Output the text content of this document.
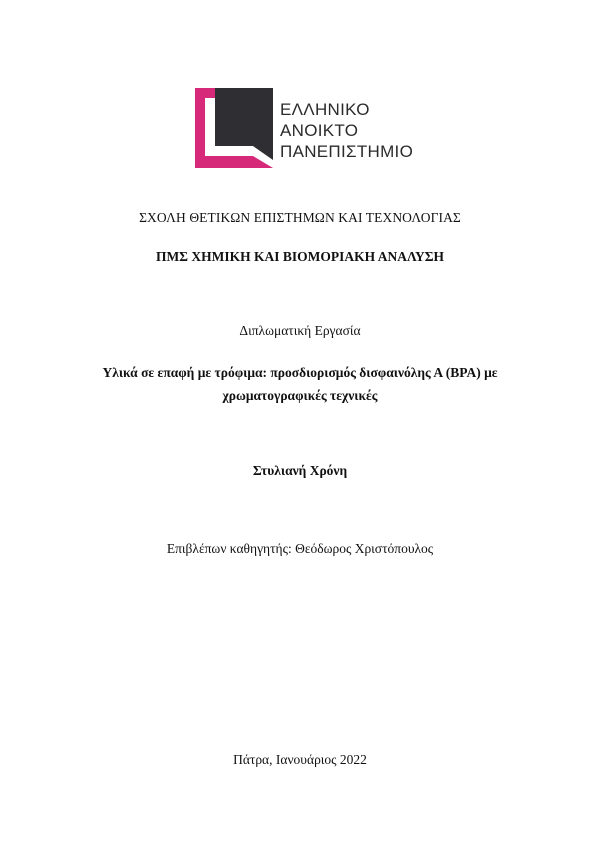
ΕΛΛΗΝΙΚΟ
ΑΝΟΙΚΤΟ
ΠΑΝΕΠΙΣΤΗΜΙΟ
ΣΧΟΛΗ ΘΕΤΙΚΩΝ ΕΠΙΣΤΗΜΩΝ ΚΑΙ ΤΕΧΝΟΛΟΓΙΑΣ
ΠΜΣ ΧΗΜΙΚΗ ΚΑΙ ΒΙΟΜΟΡΙΑΚΗ ΑΝΑΛΥΣΗ
Διπλωματική Εργασία
Υλικά σε επαφή με τρόφιμα: προσδιορισμός δισφαινόλης Α (BPA) με χρωματογραφικές τεχνικές
Στυλιανή Χρόνη
Επιβλέπων καθηγητής: Θεόδωρος Χριστόπουλος
Πάτρα, Ιανουάριος 2022
